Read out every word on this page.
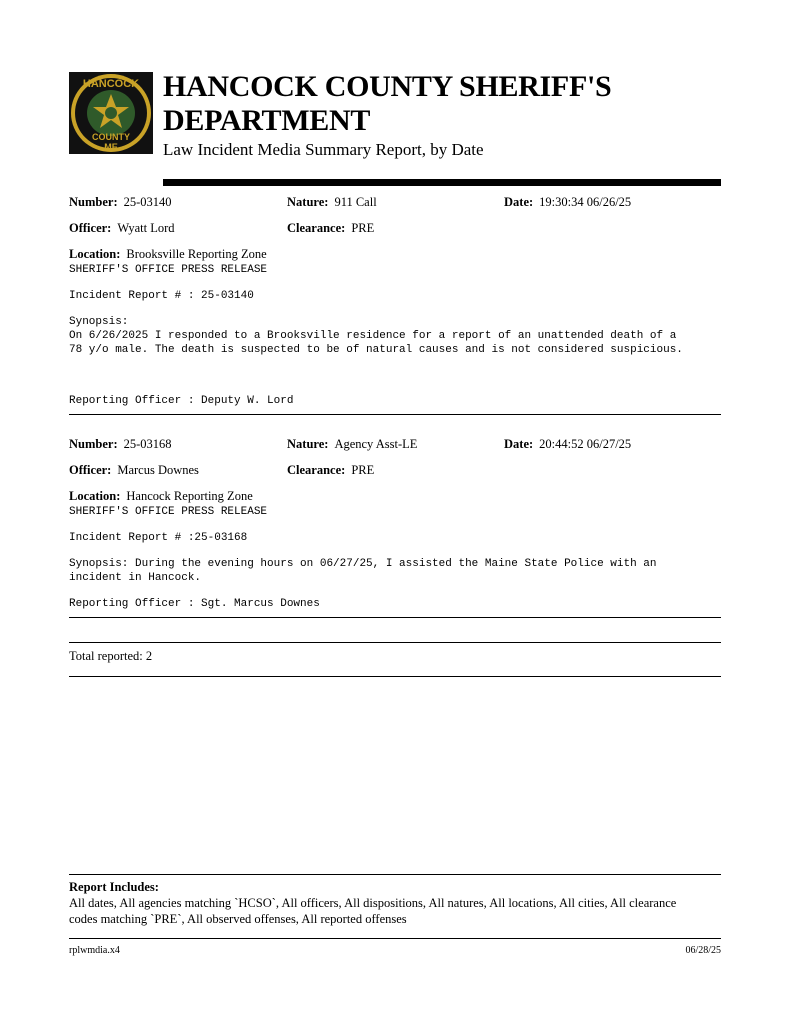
HANCOCK
COUNTY
ME
HANCOCK COUNTY SHERIFF'S
DEPARTMENT
Law Incident Media Summary Report, by Date
Number: 25-03140	Nature: 911 Call	Date: 19:30:34 06/26/25
Officer: Wyatt Lord	Clearance: PRE
Location: Brooksville Reporting Zone
SHERIFF'S OFFICE PRESS RELEASE
Incident Report # : 25-03140
Synopsis:
On 6/26/2025 I responded to a Brooksville residence for a report of an unattended death of a
78 y/o male. The death is suspected to be of natural causes and is not considered suspicious.
Reporting Officer : Deputy W. Lord
Number: 25-03168	Nature: Agency Asst-LE	Date: 20:44:52 06/27/25
Officer: Marcus Downes	Clearance: PRE
Location: Hancock Reporting Zone
SHERIFF'S OFFICE PRESS RELEASE
Incident Report # :25-03168
Synopsis: During the evening hours on 06/27/25, I assisted the Maine State Police with an
incident in Hancock.
Reporting Officer : Sgt. Marcus Downes
Total reported: 2
Report Includes:
All dates, All agencies matching `HCSO`, All officers, All dispositions, All natures, All locations, All cities, All clearance
codes matching `PRE`, All observed offenses, All reported offenses
rplwmdia.x4	06/28/25
